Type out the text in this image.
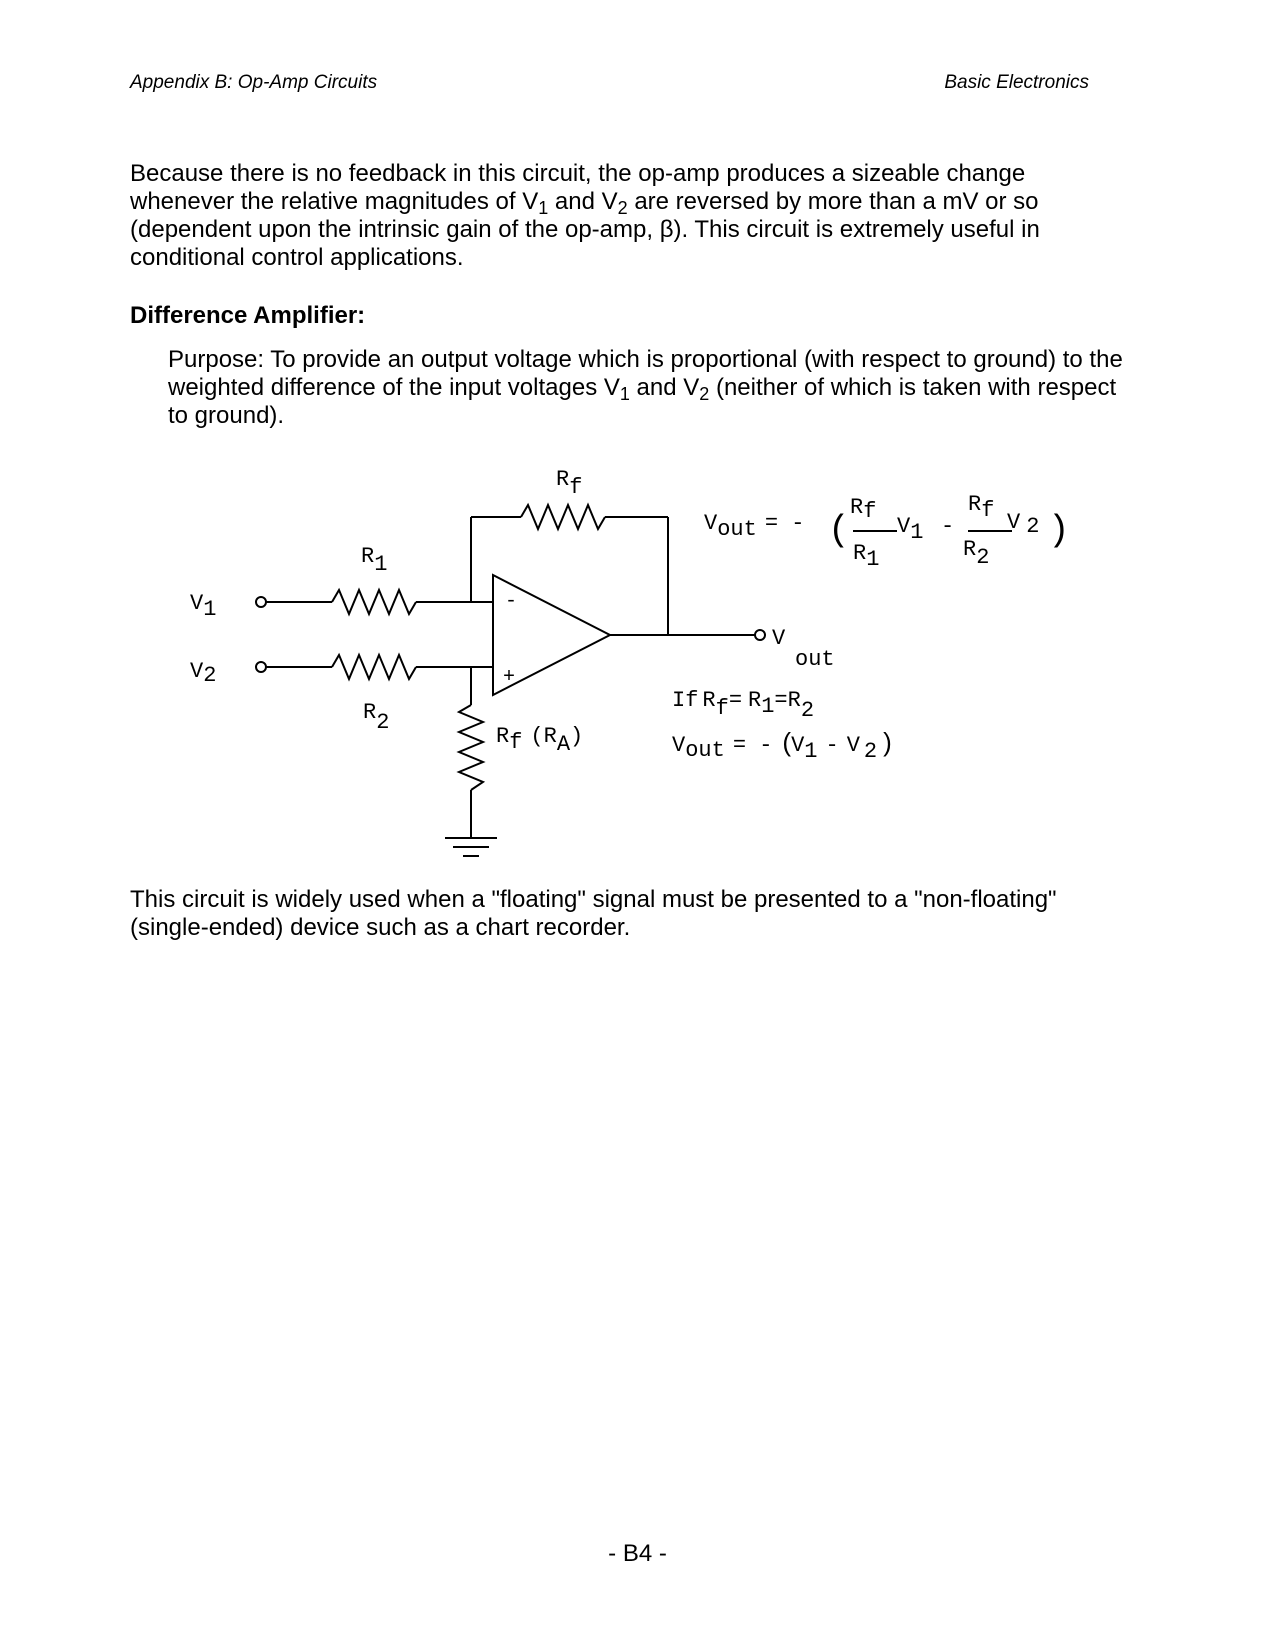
Appendix B: Op-Amp Circuits	Basic Electronics

Because there is no feedback in this circuit, the op-amp produces a sizeable change whenever the relative magnitudes of $V_1$ and $V_2$ are reversed by more than a mV or so (dependent upon the intrinsic gain of the op-amp, β). This circuit is extremely useful in conditional control applications.

Difference Amplifier:

Purpose: To provide an output voltage which is proportional (with respect to ground) to the weighted difference of the input voltages $V_1$ and $V_2$ (neither of which is taken with respect to ground).

Rf
R1
R2
V1
V2
-
+
V
out
Rf (RA)
Vout = - (
Rf
R1
V1 -
Rf
R2
V 2 )
If Rf= R1=R2
Vout = - (V1 - V 2 )

This circuit is widely used when a "floating" signal must be presented to a "non-floating" (single-ended) device such as a chart recorder.

- B4 -
